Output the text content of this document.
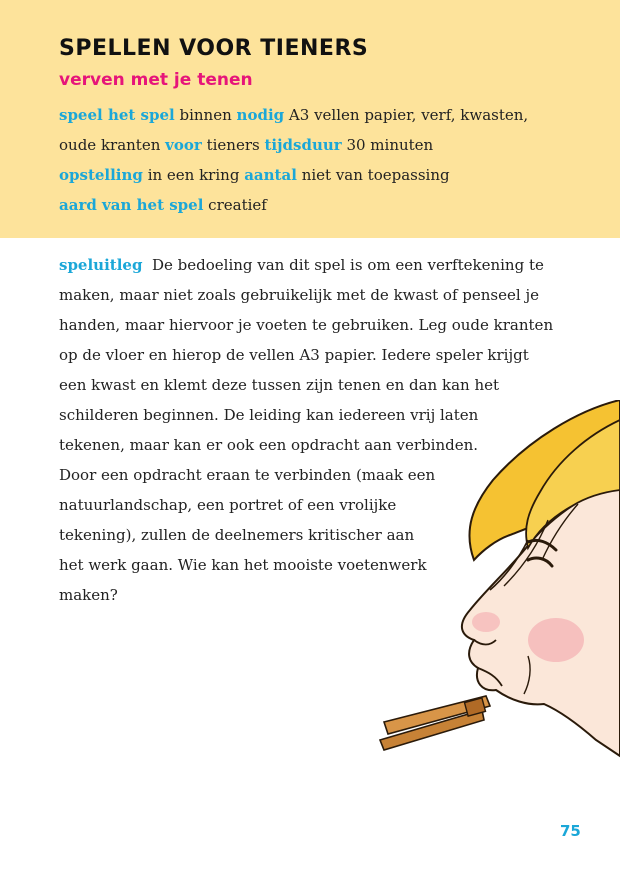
SPELLEN VOOR TIENERS
verven met je tenen
speel het spel binnen nodig A3 vellen papier, verf, kwasten,
oude kranten voor tieners tijdsduur 30 minuten
opstelling in een kring aantal niet van toepassing
aard van het spel creatief
speluitleg De bedoeling van dit spel is om een verftekening te
maken, maar niet zoals gebruikelijk met de kwast of penseel je
handen, maar hiervoor je voeten te gebruiken. Leg oude kranten
op de vloer en hierop de vellen A3 papier. Iedere speler krijgt
een kwast en klemt deze tussen zijn tenen en dan kan het
schilderen beginnen. De leiding kan iedereen vrij laten
tekenen, maar kan er ook een opdracht aan verbinden.
Door een opdracht eraan te verbinden (maak een
natuurlandschap, een portret of een vrolijke
tekening), zullen de deelnemers kritischer aan
het werk gaan. Wie kan het mooiste voetenwerk
maken?
75
